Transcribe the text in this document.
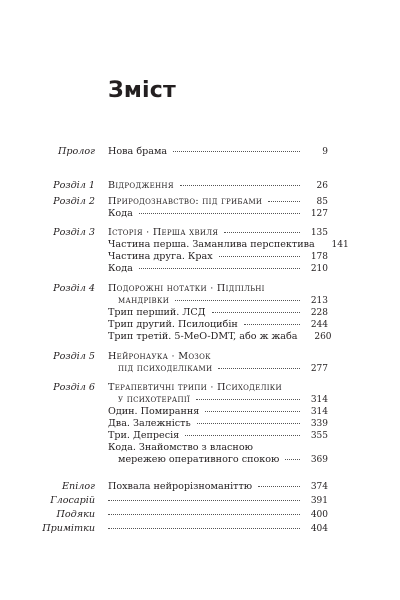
Зміст
Пролог Нова брама	9
Розділ 1 Відродження	26
Розділ 2 Природознавство: під грибами	85
Кода	127
Розділ 3 Історія · Перша хвиля	135
Частина перша. Заманлива перспектива	141
Частина друга. Крах	178
Кода	210
Розділ 4 Подорожні нотатки · Підпільні
мандрівки	213
Трип перший. ЛСД	228
Трип другий. Псилоцибін	244
Трип третій. 5-MeO-DMT, або ж жаба	260
Розділ 5 Нейронаука · Мозок
під психоделіками	277
Розділ 6 Терапевтичні трипи · Психоделіки
у психотерапії	314
Один. Помирання	314
Два. Залежність	339
Три. Депресія	355
Кода. Знайомство з власною
мережею оперативного спокою	369
Епілог Похвала нейрорізноманіттю	374
Глосарій	391
Подяки	400
Примітки	404
